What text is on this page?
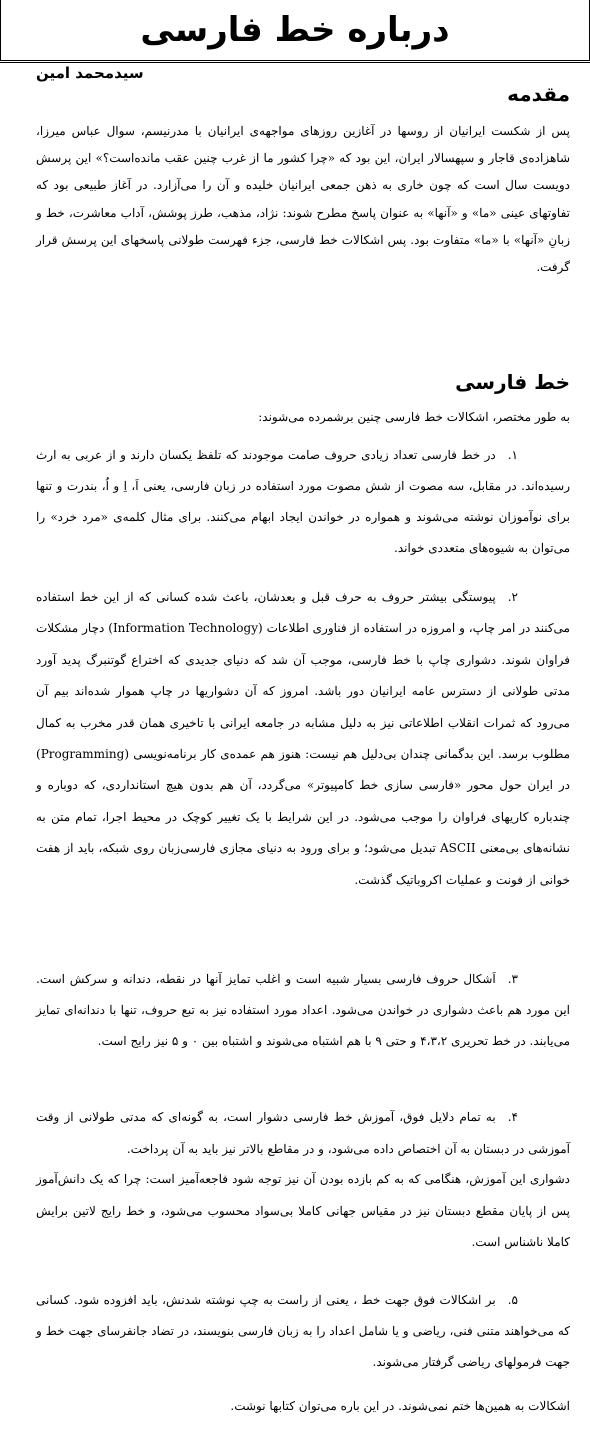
درباره خط فارسی
سیدمحمد امین
مقدمه

پس از شکست ایرانیان از روسها در آغازین روزهای مواجهه‌ی ایرانیان با مدرنیسم، سوال عباس میرزا، شاهزاده‌ی قاجار و سپهسالار ایران، این بود که «چرا کشور ما از غرب چنین عقب مانده‌است؟» این پرسش دویست سال است که چون خاری به ذهن جمعی ایرانیان خلیده و آن را می‌آزارد. در آغاز طبیعی بود که تفاوتهای عینی «ما» و «آنها» به عنوان پاسخ مطرح شوند: نژاد، مذهب، طرز پوشش، آداب معاشرت، خط و زبانِ «آنها» با «ما» متفاوت بود. پس اشکالات خط فارسی، جزء فهرست طولانی پاسخهای این پرسش قرار گرفت.

خط فارسی

به طور مختصر، اشکالات خط فارسی چنین برشمرده می‌شوند:

۱.در خط فارسی تعداد زیادی حروف صامت موجودند که تلفظ یکسان دارند و از عربی به ارث رسیده‌اند. در مقابل، سه مصوت از شش مصوت مورد استفاده در زبان فارسی، یعنی اَ، اِ و اُ، بندرت و تنها برای نوآموزان نوشته می‌شوند و همواره در خواندن ایجاد ابهام می‌کنند. برای مثال کلمه‌ی «مرد خرد» را می‌توان به شیوه‌های متعددی خواند.

۲.پیوستگی بیشتر حروف به حرف قبل و بعدشان، باعث شده کسانی که از این خط استفاده می‌کنند در امر چاپ، و امروزه در استفاده از فناوری اطلاعات (Information Technology) دچار مشکلات فراوان شوند. دشواری چاپ با خط فارسی، موجب آن شد که دنیای جدیدی که اختراع گوتنبرگ پدید آورد مدتی طولانی از دسترس عامه ایرانیان دور باشد. امروز که آن دشواریها در چاپ هموار شده‌اند بیم آن می‌رود که ثمرات انقلاب اطلاعاتی نیز به دلیل مشابه در جامعه ایرانی با تاخیری همان قدر مخرب به کمال مطلوب برسد. این بدگمانی چندان بی‌دلیل هم نیست: هنوز هم عمده‌ی کار برنامه‌نویسی (Programming) در ایران حول محور «فارسی سازی خط کامپیوتر» می‌گردد، آن هم بدون هیچ استانداردی، که دوباره و چندباره کاریهای فراوان را موجب می‌شود. در این شرایط با یک تغییر کوچک در محیط اجرا، تمام متن به نشانه‌های بی‌معنی ASCII تبدیل می‌شود؛ و برای ورود به دنیای مجازی فارسی‌زبان روی شبکه، باید از هفت خوانی از فونت و عملیات اکروباتیک گذشت.

۳.اَشکال حروف فارسی بسیار شبیه است و اغلب تمایز آنها در نقطه، دندانه و سرکش است. این مورد هم باعث دشواری در خواندن می‌شود. اعداد مورد استفاده نیز به تبع حروف، تنها با دندانه‌ای تمایز می‌یابند. در خط تحریری ۴،۳،۲ و حتی ۹ با هم اشتباه می‌شوند و اشتباه بین ۰ و ۵ نیز رایج است.

۴.به تمام دلایل فوق، آموزش خط فارسی دشوار است، به گونه‌ای که مدتی طولانی از وقت آموزشی در دبستان به آن اختصاص داده می‌شود، و در مقاطع بالاتر نیز باید به آن پرداخت.

دشواری این آموزش، هنگامی که به کم بازده بودن آن نیز توجه شود فاجعه‌آمیز است: چرا که یک دانش‌آموز پس از پایان مقطع دبستان نیز در مقیاس جهانی کاملا بی‌سواد محسوب می‌شود، و خط رایج لاتین برایش کاملا ناشناس است.

۵.بر اشکالات فوق جهت خط ، یعنی از راست به چپ نوشته شدنش، باید افزوده شود. کسانی که می‌خواهند متنی فنی، ریاضی و یا شامل اعداد را به زبان فارسی بنویسند، در تضاد جانفرسای جهت خط و جهت فرمولهای ریاضی گرفتار می‌شوند.

اشکالات به همین‌ها ختم نمی‌شوند. در این باره می‌توان کتابها نوشت.
